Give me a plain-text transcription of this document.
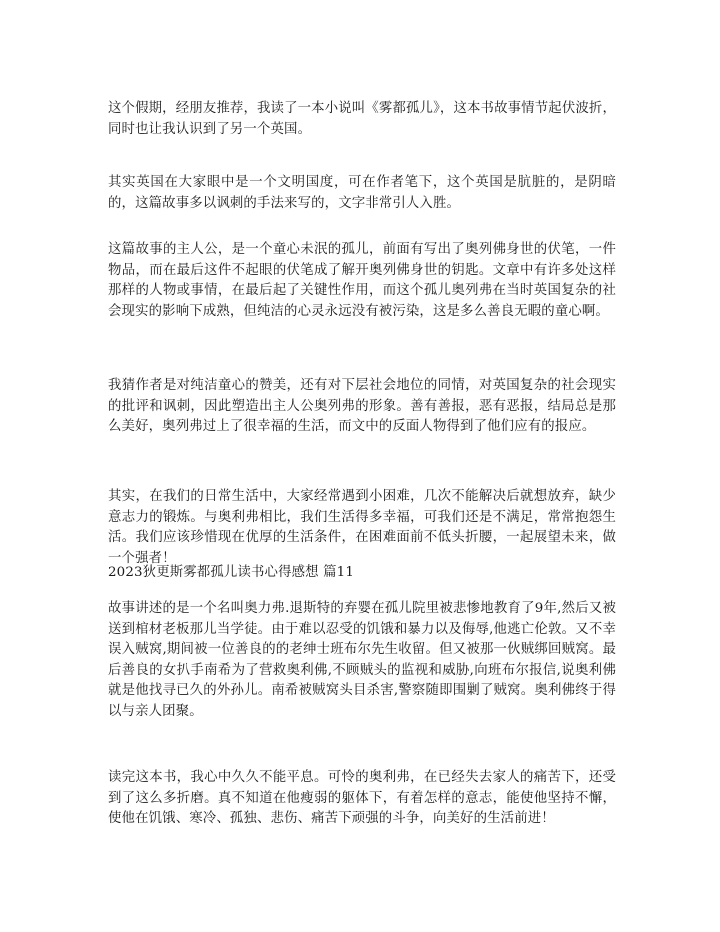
这个假期，经朋友推荐，我读了一本小说叫《雾都孤儿》，这本书故事情节起伏波折，同时也让我认识到了另一个英国。

其实英国在大家眼中是一个文明国度，可在作者笔下，这个英国是肮脏的，是阴暗的，这篇故事多以讽刺的手法来写的，文字非常引人入胜。

这篇故事的主人公，是一个童心未泯的孤儿，前面有写出了奥列佛身世的伏笔，一件物品，而在最后这件不起眼的伏笔成了解开奥列佛身世的钥匙。文章中有许多处这样那样的人物或事情，在最后起了关键性作用，而这个孤儿奥列弗在当时英国复杂的社会现实的影响下成熟，但纯洁的心灵永远没有被污染，这是多么善良无暇的童心啊。

我猜作者是对纯洁童心的赞美，还有对下层社会地位的同情，对英国复杂的社会现实的批评和讽刺，因此塑造出主人公奥列弗的形象。善有善报，恶有恶报，结局总是那么美好，奥列弗过上了很幸福的生活，而文中的反面人物得到了他们应有的报应。

其实，在我们的日常生活中，大家经常遇到小困难，几次不能解决后就想放弃，缺少意志力的锻炼。与奥利弗相比，我们生活得多幸福，可我们还是不满足，常常抱怨生活。我们应该珍惜现在优厚的生活条件，在困难面前不低头折腰，一起展望未来，做一个强者！

2023狄更斯雾都孤儿读书心得感想 篇11

故事讲述的是一个名叫奥力弗.退斯特的弃婴在孤儿院里被悲惨地教育了9年,然后又被送到棺材老板那儿当学徒。由于难以忍受的饥饿和暴力以及侮辱,他逃亡伦敦。又不幸误入贼窝,期间被一位善良的的老绅士班布尔先生收留。但又被那一伙贼绑回贼窝。最后善良的女扒手南希为了营救奥利佛,不顾贼头的监视和威胁,向班布尔报信,说奥利佛就是他找寻已久的外孙儿。南希被贼窝头目杀害,警察随即围剿了贼窝。奥利佛终于得以与亲人团聚。

读完这本书，我心中久久不能平息。可怜的奥利弗，在已经失去家人的痛苦下，还受到了这么多折磨。真不知道在他瘦弱的躯体下，有着怎样的意志，能使他坚持不懈，使他在饥饿、寒冷、孤独、悲伤、痛苦下顽强的斗争，向美好的生活前进！
